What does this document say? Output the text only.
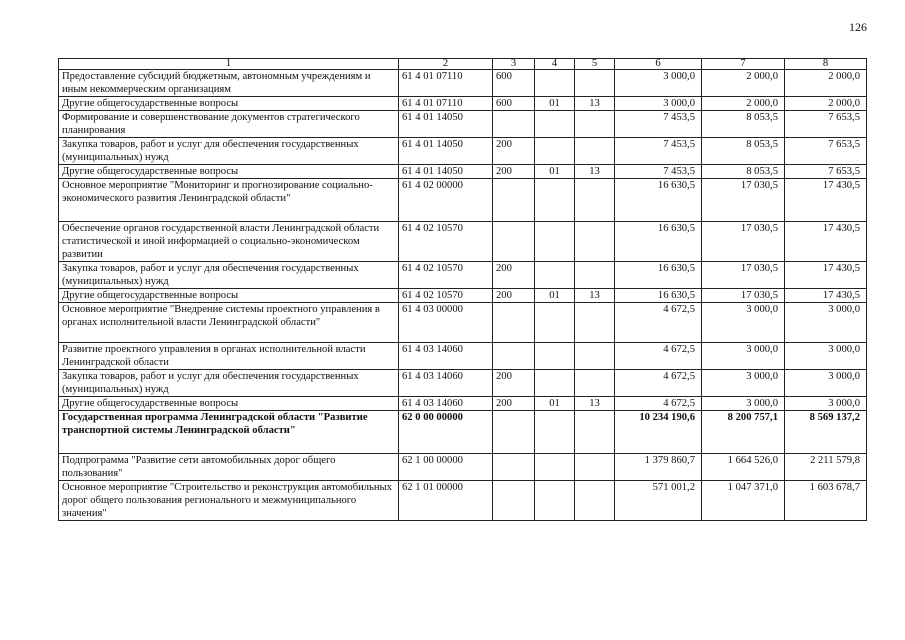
126
1	2	3	4	5	6	7	8
Предоставление субсидий бюджетным, автономным учреждениям и иным некоммерческим организациям	61 4 01 07110	600			3 000,0	2 000,0	2 000,0
Другие общегосударственные вопросы	61 4 01 07110	600	01	13	3 000,0	2 000,0	2 000,0
Формирование и совершенствование документов стратегического планирования	61 4 01 14050				7 453,5	8 053,5	7 653,5
Закупка товаров, работ и услуг для обеспечения государственных (муниципальных) нужд	61 4 01 14050	200			7 453,5	8 053,5	7 653,5
Другие общегосударственные вопросы	61 4 01 14050	200	01	13	7 453,5	8 053,5	7 653,5
Основное мероприятие "Мониторинг и прогнозирование социально-экономического развития Ленинградской области"	61 4 02 00000				16 630,5	17 030,5	17 430,5
Обеспечение органов государственной власти Ленинградской области статистической и иной информацией о социально-экономическом развитии	61 4 02 10570				16 630,5	17 030,5	17 430,5
Закупка товаров, работ и услуг для обеспечения государственных (муниципальных) нужд	61 4 02 10570	200			16 630,5	17 030,5	17 430,5
Другие общегосударственные вопросы	61 4 02 10570	200	01	13	16 630,5	17 030,5	17 430,5
Основное мероприятие "Внедрение системы проектного управления в органах исполнительной власти Ленинградской области"	61 4 03 00000				4 672,5	3 000,0	3 000,0
Развитие проектного управления в органах исполнительной власти Ленинградской области	61 4 03 14060				4 672,5	3 000,0	3 000,0
Закупка товаров, работ и услуг для обеспечения государственных (муниципальных) нужд	61 4 03 14060	200			4 672,5	3 000,0	3 000,0
Другие общегосударственные вопросы	61 4 03 14060	200	01	13	4 672,5	3 000,0	3 000,0
Государственная программа Ленинградской области "Развитие транспортной системы Ленинградской области"	62 0 00 00000				10 234 190,6	8 200 757,1	8 569 137,2
Подпрограмма "Развитие сети автомобильных дорог общего пользования"	62 1 00 00000				1 379 860,7	1 664 526,0	2 211 579,8
Основное мероприятие "Строительство и реконструкция автомобильных дорог общего пользования регионального и межмуниципального значения"	62 1 01 00000				571 001,2	1 047 371,0	1 603 678,7
